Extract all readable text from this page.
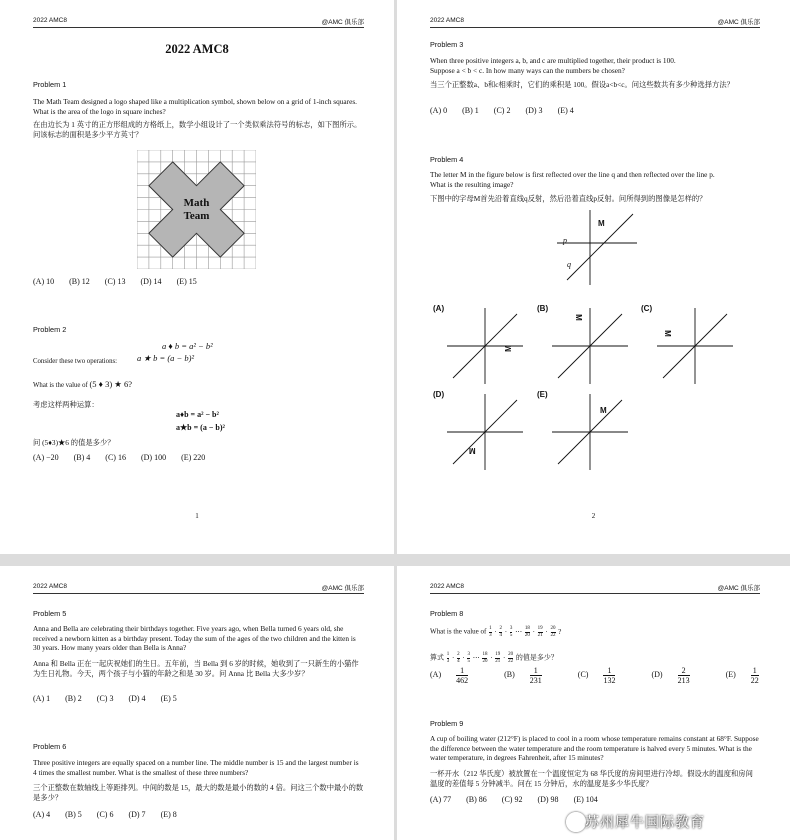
2022 AMC8	@AMC 俱乐部
2022 AMC8
Problem 1
The Math Team designed a logo shaped like a multiplication symbol, shown below on a grid of 1-inch squares. What is the area of the logo in square inches?
在由边长为 1 英寸的正方形组成的方格纸上，数学小组设计了一个类似乘法符号的标志，如下图所示。问该标志的面积是多少平方英寸？
Math
Team
(A) 10 (B) 12 (C) 13 (D) 14 (E) 15
Problem 2
a ♦ b = a² − b²
Consider these two operations: a ★ b = (a − b)²
What is the value of (5 ♦ 3) ★ 6?
考虑这样两种运算：
a♦b = a² − b²
a★b = (a − b)²
问 (5♦3)★6 的值是多少？
(A) −20 (B) 4 (C) 16 (D) 100 (E) 220
1
2022 AMC8	@AMC 俱乐部
Problem 3
When three positive integers a, b, and c are multiplied together, their product is 100.
Suppose a < b < c. In how many ways can the numbers be chosen?
当三个正整数a、b和c相乘时，它们的乘积是 100。假设a<b<c。问这些数共有多少种选择方法？
(A) 0 (B) 1 (C) 2 (D) 3 (E) 4
Problem 4
The letter M in the figure below is first reflected over the line q and then reflected over the line p.
What is the resulting image?
下图中的字母M首先沿着直线q反射，然后沿着直线p反射。问所得到的图像是怎样的？
p
q
M
(A)
M
(B)
M
(C)
M
(D)
M
(E)
M
2
2022 AMC8	@AMC 俱乐部
Problem 5
Anna and Bella are celebrating their birthdays together. Five years ago, when Bella turned 6 years old, she received a newborn kitten as a birthday present. Today the sum of the ages of the two children and the kitten is 30 years. How many years older than Bella is Anna?
Anna 和 Bella 正在一起庆祝她们的生日。五年前，当 Bella 到 6 岁的时候，她收到了一只新生的小猫作为生日礼物。今天，两个孩子与小猫的年龄之和是 30 岁。问 Anna 比 Bella 大多少岁？
(A) 1 (B) 2 (C) 3 (D) 4 (E) 5
Problem 6
Three positive integers are equally spaced on a number line. The middle number is 15 and the largest number is 4 times the smallest number. What is the smallest of these three numbers?
三个正整数在数轴线上等距排列。中间的数是 15，最大的数是最小的数的 4 倍。问这三个数中最小的数是多少？
(A) 4 (B) 5 (C) 6 (D) 7 (E) 8
2022 AMC8	@AMC 俱乐部
Problem 8
What is the value of $\frac{1}{3} \cdot \frac{2}{4} \cdot \frac{3}{5}$ ⋯ $\frac{18}{20} \cdot \frac{19}{21} \cdot \frac{20}{22}$ ?
算式 $\frac{1}{3} \cdot \frac{2}{4} \cdot \frac{3}{5}$ ⋯ $\frac{18}{20} \cdot \frac{19}{21} \cdot \frac{20}{22}$ 的值是多少？
$(A) \frac{1}{462}$	$(B) \frac{1}{231}$	$(C) \frac{1}{132}$	$(D) \frac{2}{213}$	$(E) \frac{1}{22}$
Problem 9
A cup of boiling water (212°F) is placed to cool in a room whose temperature remains constant at 68°F. Suppose the difference between the water temperature and the room temperature is halved every 5 minutes. What is the water temperature, in degrees Fahrenheit, after 15 minutes?
一杯开水（212 华氏度）被放置在一个温度恒定为 68 华氏度的房间里进行冷却。假设水的温度和房间温度的差值每 5 分钟减半。问在 15 分钟后，水的温度是多少华氏度？
(A) 77 (B) 86 (C) 92 (D) 98 (E) 104
苏州犀牛国际教育
